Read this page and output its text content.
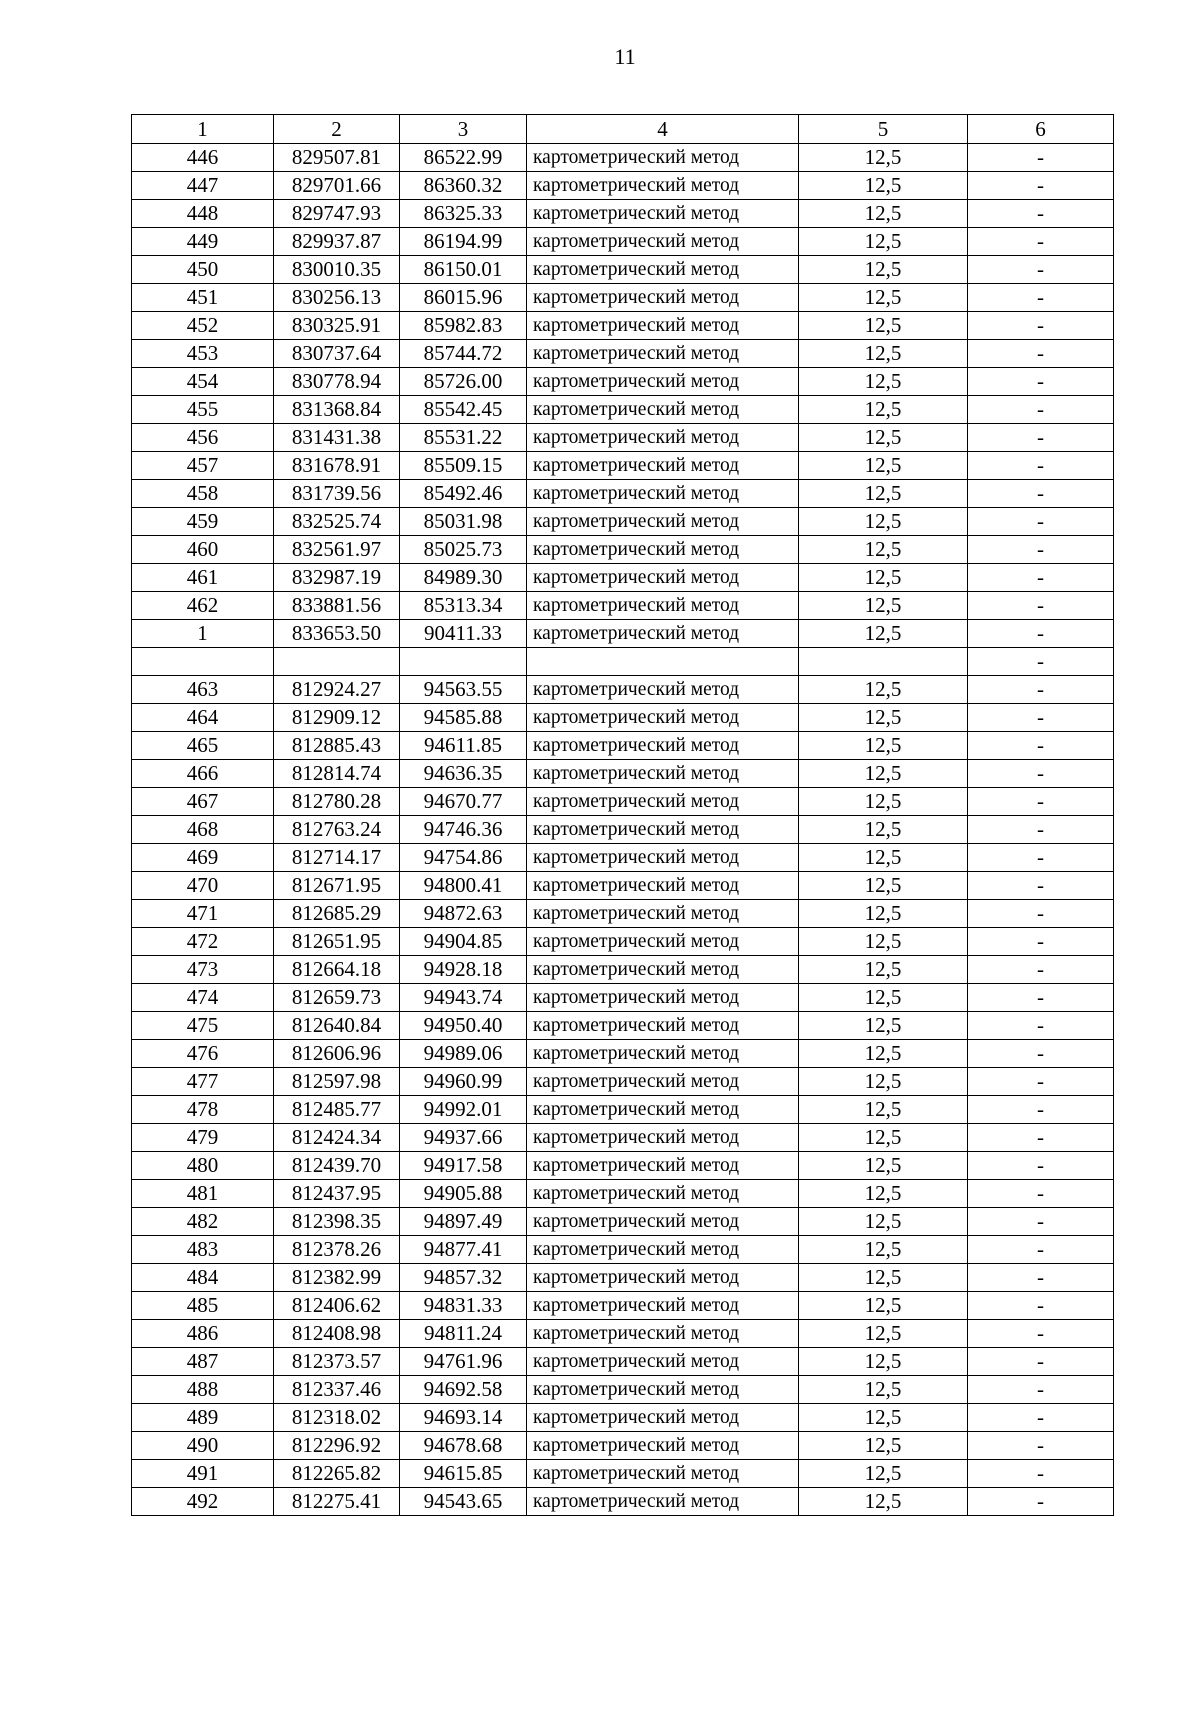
11
1	2	3	4	5	6
446	829507.81	86522.99	картометрический метод	12,5	-
447	829701.66	86360.32	картометрический метод	12,5	-
448	829747.93	86325.33	картометрический метод	12,5	-
449	829937.87	86194.99	картометрический метод	12,5	-
450	830010.35	86150.01	картометрический метод	12,5	-
451	830256.13	86015.96	картометрический метод	12,5	-
452	830325.91	85982.83	картометрический метод	12,5	-
453	830737.64	85744.72	картометрический метод	12,5	-
454	830778.94	85726.00	картометрический метод	12,5	-
455	831368.84	85542.45	картометрический метод	12,5	-
456	831431.38	85531.22	картометрический метод	12,5	-
457	831678.91	85509.15	картометрический метод	12,5	-
458	831739.56	85492.46	картометрический метод	12,5	-
459	832525.74	85031.98	картометрический метод	12,5	-
460	832561.97	85025.73	картометрический метод	12,5	-
461	832987.19	84989.30	картометрический метод	12,5	-
462	833881.56	85313.34	картометрический метод	12,5	-
1	833653.50	90411.33	картометрический метод	12,5	-
					-
463	812924.27	94563.55	картометрический метод	12,5	-
464	812909.12	94585.88	картометрический метод	12,5	-
465	812885.43	94611.85	картометрический метод	12,5	-
466	812814.74	94636.35	картометрический метод	12,5	-
467	812780.28	94670.77	картометрический метод	12,5	-
468	812763.24	94746.36	картометрический метод	12,5	-
469	812714.17	94754.86	картометрический метод	12,5	-
470	812671.95	94800.41	картометрический метод	12,5	-
471	812685.29	94872.63	картометрический метод	12,5	-
472	812651.95	94904.85	картометрический метод	12,5	-
473	812664.18	94928.18	картометрический метод	12,5	-
474	812659.73	94943.74	картометрический метод	12,5	-
475	812640.84	94950.40	картометрический метод	12,5	-
476	812606.96	94989.06	картометрический метод	12,5	-
477	812597.98	94960.99	картометрический метод	12,5	-
478	812485.77	94992.01	картометрический метод	12,5	-
479	812424.34	94937.66	картометрический метод	12,5	-
480	812439.70	94917.58	картометрический метод	12,5	-
481	812437.95	94905.88	картометрический метод	12,5	-
482	812398.35	94897.49	картометрический метод	12,5	-
483	812378.26	94877.41	картометрический метод	12,5	-
484	812382.99	94857.32	картометрический метод	12,5	-
485	812406.62	94831.33	картометрический метод	12,5	-
486	812408.98	94811.24	картометрический метод	12,5	-
487	812373.57	94761.96	картометрический метод	12,5	-
488	812337.46	94692.58	картометрический метод	12,5	-
489	812318.02	94693.14	картометрический метод	12,5	-
490	812296.92	94678.68	картометрический метод	12,5	-
491	812265.82	94615.85	картометрический метод	12,5	-
492	812275.41	94543.65	картометрический метод	12,5	-
